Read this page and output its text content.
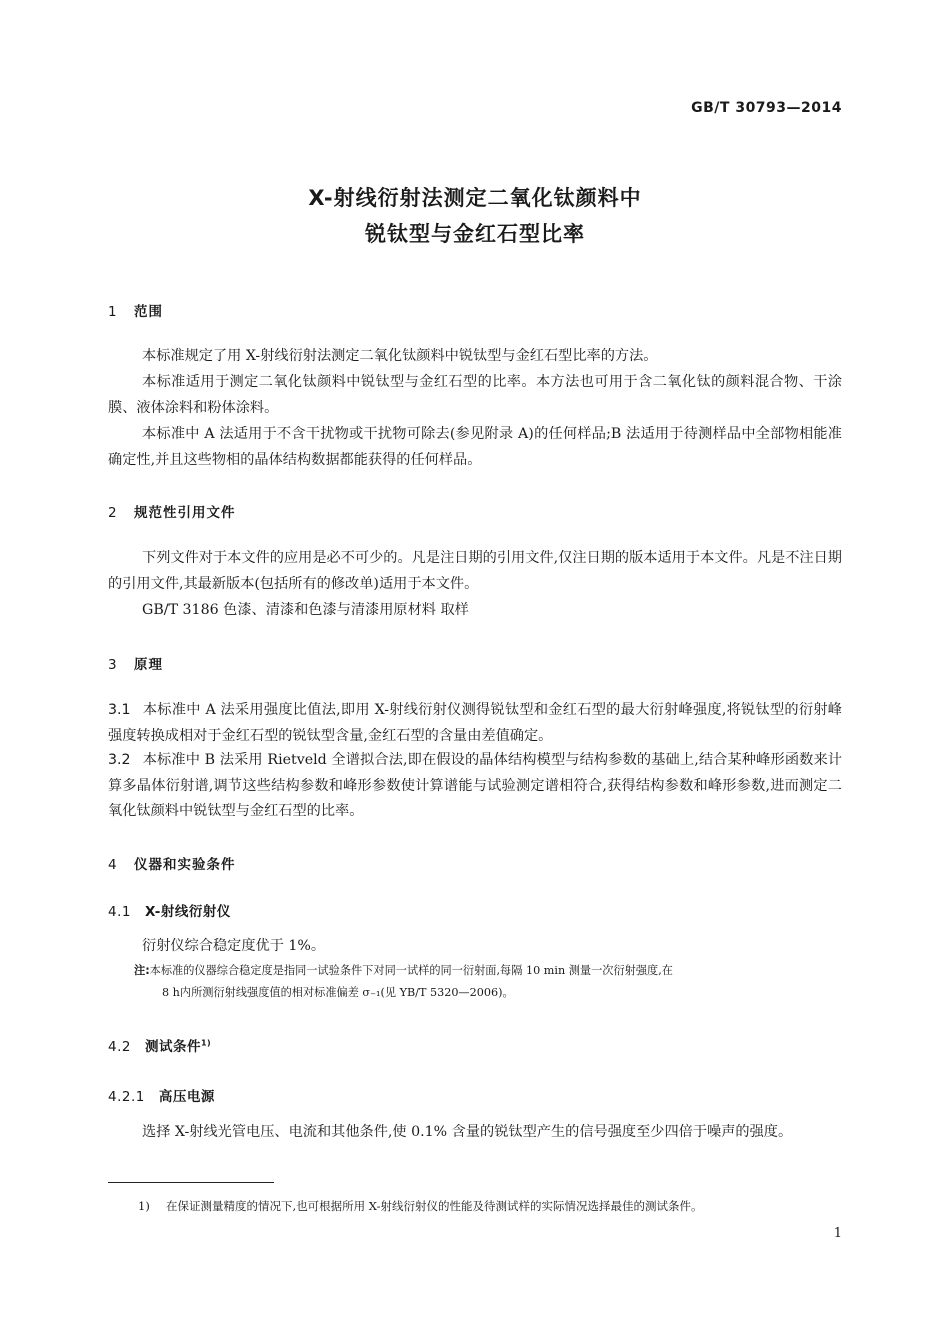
GB/T 30793—2014
X-射线衍射法测定二氧化钛颜料中
锐钛型与金红石型比率
1 范围
本标准规定了用 X-射线衍射法测定二氧化钛颜料中锐钛型与金红石型比率的方法。
本标准适用于测定二氧化钛颜料中锐钛型与金红石型的比率。本方法也可用于含二氧化钛的颜料混合物、干涂膜、液体涂料和粉体涂料。
本标准中 A 法适用于不含干扰物或干扰物可除去(参见附录 A)的任何样品;B 法适用于待测样品中全部物相能准确定性,并且这些物相的晶体结构数据都能获得的任何样品。
2 规范性引用文件
下列文件对于本文件的应用是必不可少的。凡是注日期的引用文件,仅注日期的版本适用于本文件。凡是不注日期的引用文件,其最新版本(包括所有的修改单)适用于本文件。
GB/T 3186 色漆、清漆和色漆与清漆用原材料 取样
3 原理
3.1 本标准中 A 法采用强度比值法,即用 X-射线衍射仪测得锐钛型和金红石型的最大衍射峰强度,将锐钛型的衍射峰强度转换成相对于金红石型的锐钛型含量,金红石型的含量由差值确定。
3.2 本标准中 B 法采用 Rietveld 全谱拟合法,即在假设的晶体结构模型与结构参数的基础上,结合某种峰形函数来计算多晶体衍射谱,调节这些结构参数和峰形参数使计算谱能与试验测定谱相符合,获得结构参数和峰形参数,进而测定二氧化钛颜料中锐钛型与金红石型的比率。
4 仪器和实验条件
4.1 X-射线衍射仪
衍射仪综合稳定度优于 1%。
注:本标准的仪器综合稳定度是指同一试验条件下对同一试样的同一衍射面,每隔 10 min 测量一次衍射强度,在
8 h内所测衍射线强度值的相对标准偏差 σ₋₁(见 YB/T 5320—2006)。
4.2 测试条件$^{1)}$
4.2.1 高压电源
选择 X-射线光管电压、电流和其他条件,使 0.1% 含量的锐钛型产生的信号强度至少四倍于噪声的强度。
1) 在保证测量精度的情况下,也可根据所用 X-射线衍射仪的性能及待测试样的实际情况选择最佳的测试条件。
1
